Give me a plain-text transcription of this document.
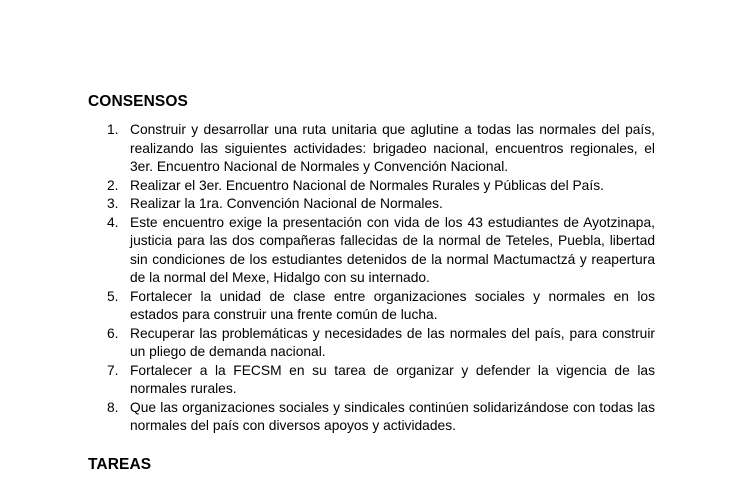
CONSENSOS
1. Construir y desarrollar una ruta unitaria que aglutine a todas las normales del país, realizando las siguientes actividades: brigadeo nacional, encuentros regionales, el 3er. Encuentro Nacional de Normales y Convención Nacional.
2. Realizar el 3er. Encuentro Nacional de Normales Rurales y Públicas del País.
3. Realizar la 1ra. Convención Nacional de Normales.
4. Este encuentro exige la presentación con vida de los 43 estudiantes de Ayotzinapa, justicia para las dos compañeras fallecidas de la normal de Teteles, Puebla, libertad sin condiciones de los estudiantes detenidos de la normal Mactumactzá y reapertura de la normal del Mexe, Hidalgo con su internado.
5. Fortalecer la unidad de clase entre organizaciones sociales y normales en los estados para construir una frente común de lucha.
6. Recuperar las problemáticas y necesidades de las normales del país, para construir un pliego de demanda nacional.
7. Fortalecer a la FECSM en su tarea de organizar y defender la vigencia de las normales rurales.
8. Que las organizaciones sociales y sindicales continúen solidarizándose con todas las normales del país con diversos apoyos y actividades.
TAREAS
